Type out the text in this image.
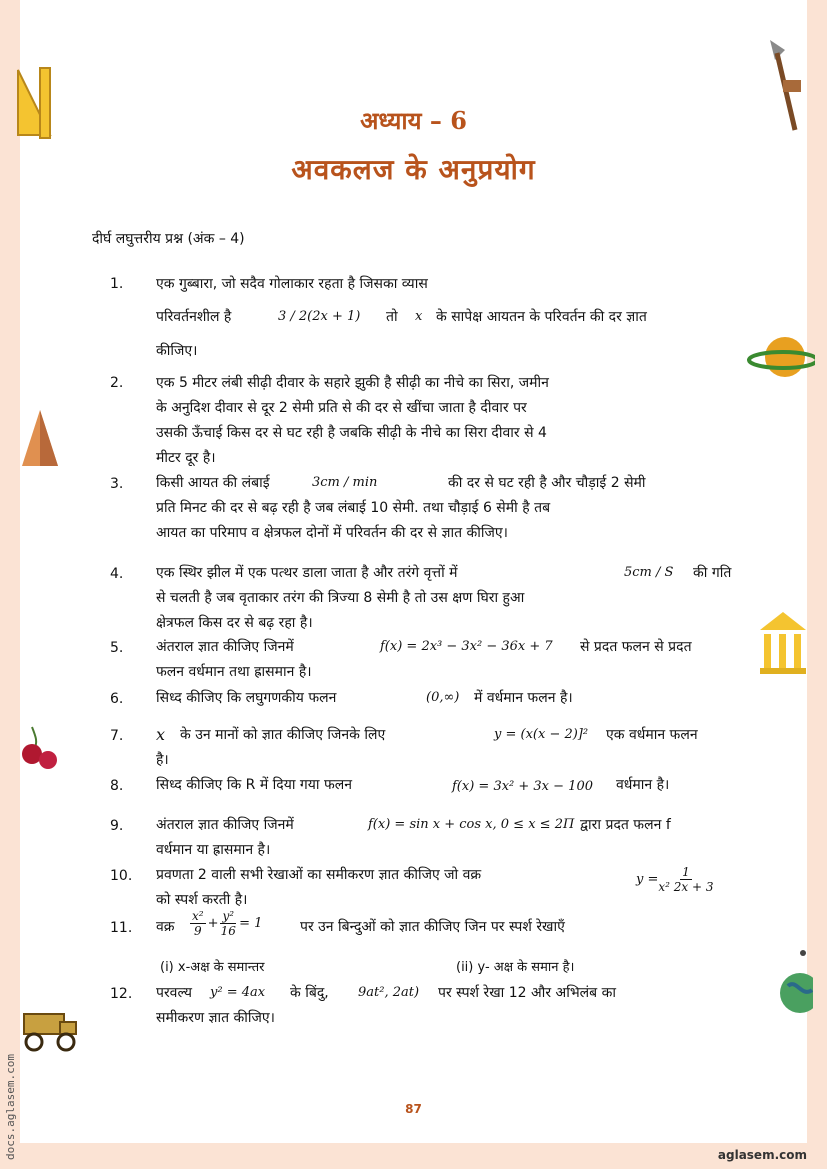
अध्याय – 6
अवकलज के अनुप्रयोग
दीर्घ लघुत्तरीय प्रश्न (अंक – 4)
1. एक गुब्बारा, जो सदैव गोलाकार रहता है जिसका व्यास
परिवर्तनशील है	3 / 2(2x + 1) तो x के सापेक्ष आयतन के परिवर्तन की दर ज्ञात
कीजिए।
2. एक 5 मीटर लंबी सीढ़ी दीवार के सहारे झुकी है सीढ़ी का नीचे का सिरा, जमीन
के अनुदिश दीवार से दूर 2 सेमी प्रति से की दर से खींचा जाता है दीवार पर
उसकी ऊँचाई किस दर से घट रही है जबकि सीढ़ी के नीचे का सिरा दीवार से 4
मीटर दूर है।
3. किसी आयत की लंबाई	3cm / min	की दर से घट रही है और चौड़ाई 2 सेमी
प्रति मिनट की दर से बढ़ रही है जब लंबाई 10 सेमी. तथा चौड़ाई 6 सेमी है तब
आयत का परिमाप व क्षेत्रफल दोनों में परिवर्तन की दर से ज्ञात कीजिए।
4. एक स्थिर झील में एक पत्थर डाला जाता है और तरंगे वृत्तों में	5cm / S की गति
से चलती है जब वृताकार तरंग की त्रिज्या 8 सेमी है तो उस क्षण घिरा हुआ
क्षेत्रफल किस दर से बढ़ रहा है।
5. अंतराल ज्ञात कीजिए जिनमें	f(x) = 2x³ − 3x² − 36x + 7 से प्रदत फलन से प्रदत
फलन वर्धमान तथा ह्रासमान है।
6. सिध्द कीजिए कि लघुगणकीय फलन	(0,∞) में वर्धमान फलन है।
7. x के उन मानों को ज्ञात कीजिए जिनके लिए	y = (x(x − 2)]² एक वर्धमान फलन
है।
8. सिध्द कीजिए कि R में दिया गया फलन	f(x) = 3x² + 3x − 100 वर्धमान है।
9. अंतराल ज्ञात कीजिए जिनमें	f(x) = sin x + cos x, 0 ≤ x ≤ 2Π द्वारा प्रदत फलन f
वर्धमान या ह्रासमान है।
10. प्रवणता 2 वाली सभी रेखाओं का समीकरण ज्ञात कीजिए जो वक्र	$y = \frac{1}{\text{x² 2x + 3}}$
को स्पर्श करती है।
11. वक्र $\frac{\text{x²}}{9} + \frac{\text{y²}}{16} = 1$	पर उन बिन्दुओं को ज्ञात कीजिए जिन पर स्पर्श रेखाएँ
(i) x-अक्ष के समान्तर	(ii) y- अक्ष के समान है।
12. परवल्य y² = 4ax के बिंदु, 9at², 2at) पर स्पर्श रेखा 12 और अभिलंब का
समीकरण ज्ञात कीजिए।
87
aglasem.com
docs.aglasem.com
